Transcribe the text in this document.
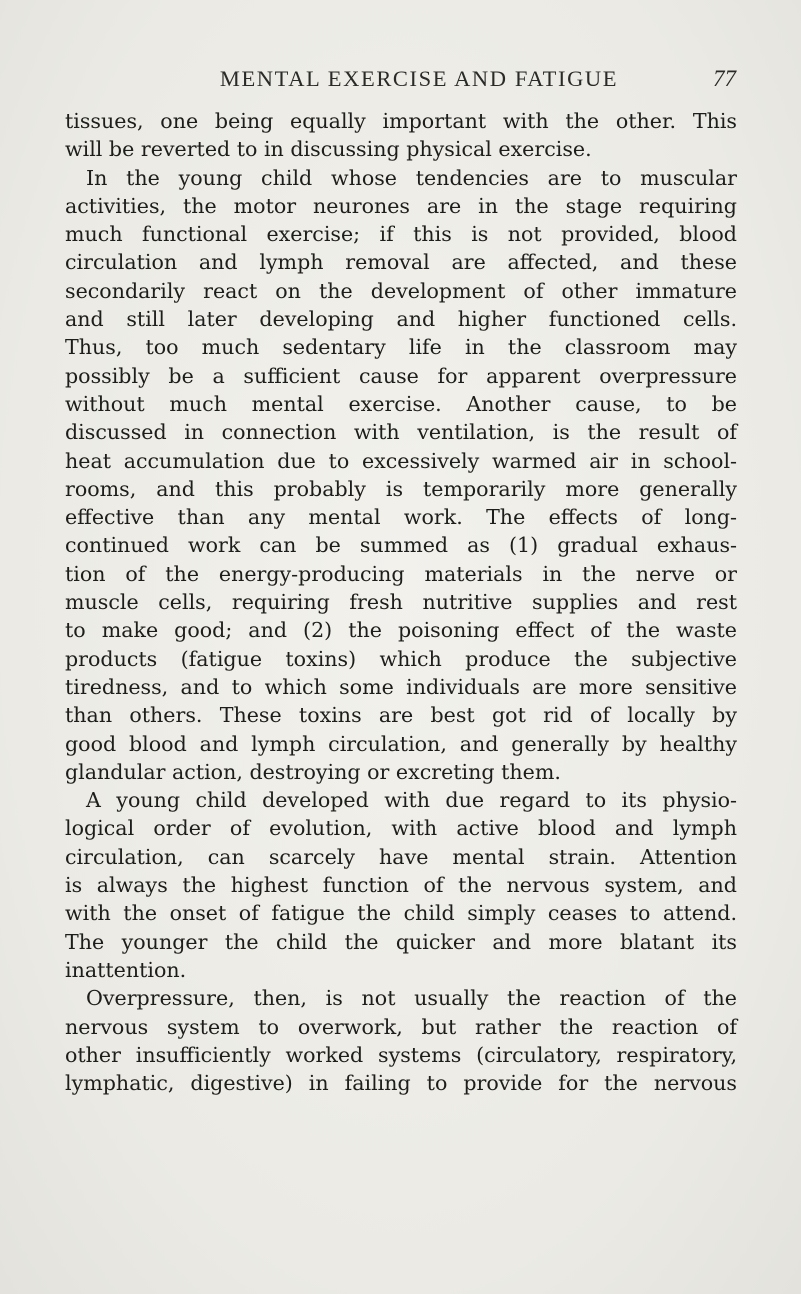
MENTAL EXERCISE AND FATIGUE	77
tissues, one being equally important with the other. This
will be reverted to in discussing physical exercise.
In the young child whose tendencies are to muscular
activities, the motor neurones are in the stage requiring
much functional exercise; if this is not provided, blood
circulation and lymph removal are affected, and these
secondarily react on the development of other immature
and still later developing and higher functioned cells.
Thus, too much sedentary life in the classroom may
possibly be a sufficient cause for apparent overpressure
without much mental exercise. Another cause, to be
discussed in connection with ventilation, is the result of
heat accumulation due to excessively warmed air in school-
rooms, and this probably is temporarily more generally
effective than any mental work. The effects of long-
continued work can be summed as (1) gradual exhaus-
tion of the energy-producing materials in the nerve or
muscle cells, requiring fresh nutritive supplies and rest
to make good; and (2) the poisoning effect of the waste
products (fatigue toxins) which produce the subjective
tiredness, and to which some individuals are more sensitive
than others. These toxins are best got rid of locally by
good blood and lymph circulation, and generally by healthy
glandular action, destroying or excreting them.
A young child developed with due regard to its physio-
logical order of evolution, with active blood and lymph
circulation, can scarcely have mental strain. Attention
is always the highest function of the nervous system, and
with the onset of fatigue the child simply ceases to attend.
The younger the child the quicker and more blatant its
inattention.
Overpressure, then, is not usually the reaction of the
nervous system to overwork, but rather the reaction of
other insufficiently worked systems (circulatory, respiratory,
lymphatic, digestive) in failing to provide for the nervous
